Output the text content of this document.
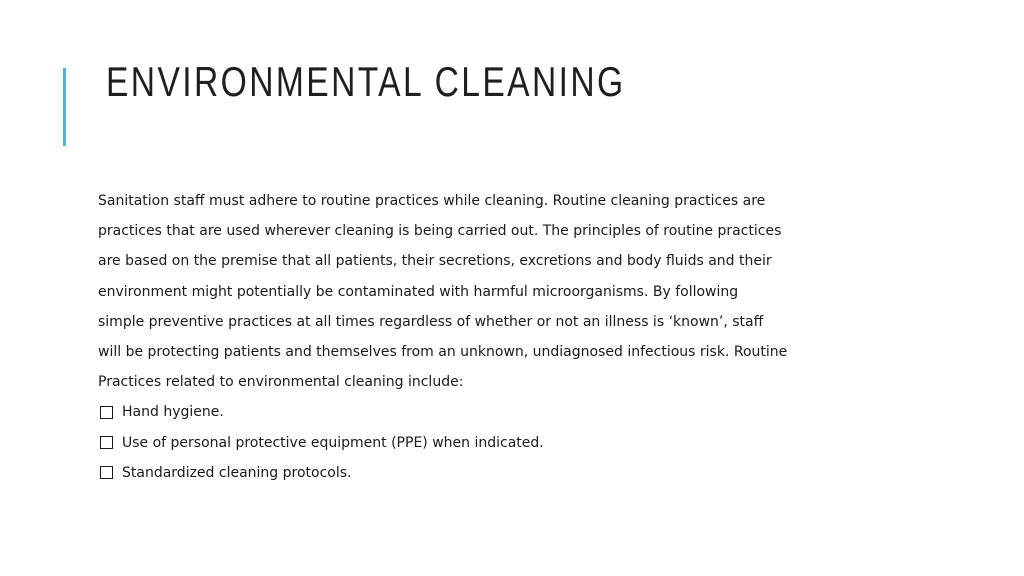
ENVIRONMENTAL CLEANING

Sanitation staff must adhere to routine practices while cleaning. Routine cleaning practices are practices that are used wherever cleaning is being carried out. The principles of routine practices are based on the premise that all patients, their secretions, excretions and body fluids and their environment might potentially be contaminated with harmful microorganisms. By following simple preventive practices at all times regardless of whether or not an illness is ‘known’, staff will be protecting patients and themselves from an unknown, undiagnosed infectious risk. Routine Practices related to environmental cleaning include:

Hand hygiene.
Use of personal protective equipment (PPE) when indicated.
Standardized cleaning protocols.
